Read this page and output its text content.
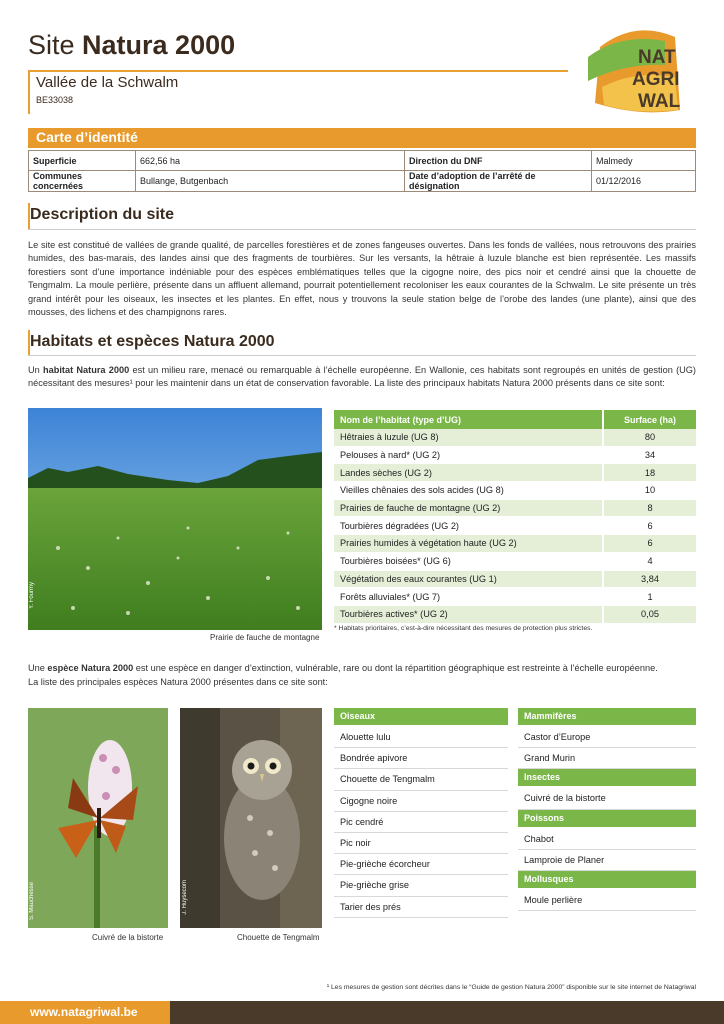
Site Natura 2000
Vallée de la Schwalm
BE33038
NAT
AGRI
WAL
Carte d’identité
Superficie	662,56 ha	Direction du DNF	Malmedy
Communes concernées	Bullange, Butgenbach	Date d’adoption de l’arrêté de désignation	01/12/2016
Description du site
Le site est constitué de vallées de grande qualité, de parcelles forestières et de zones fangeuses ouvertes. Dans les fonds de vallées, nous retrouvons des prairies humides, des bas-marais, des landes ainsi que des fragments de tourbières. Sur les versants, la hêtraie à luzule blanche est bien représentée. Les massifs forestiers sont d’une importance indéniable pour des espèces emblématiques telles que la cigogne noire, des pics noir et cendré ainsi que la chouette de Tengmalm. La moule perlière, présente dans un affluent allemand, pourrait potentiellement recoloniser les eaux courantes de la Schwalm. Le site présente un très grand intérêt pour les oiseaux, les insectes et les plantes. En effet, nous y trouvons la seule station belge de l’orobe des landes (une plante), ainsi que des mousses, des lichens et des champignons rares.
Habitats et espèces Natura 2000
Un habitat Natura 2000 est un milieu rare, menacé ou remarquable à l’échelle européenne. En Wallonie, ces habitats sont regroupés en unités de gestion (UG) nécessitant des mesures¹ pour les maintenir dans un état de conservation favorable. La liste des principaux habitats Natura 2000 présents dans ce site sont:
Y. Fourmy
Prairie de fauche de montagne
Nom de l’habitat (type d’UG)	Surface (ha)
Hêtraies à luzule (UG 8)	80
Pelouses à nard* (UG 2)	34
Landes sèches (UG 2)	18
Vieilles chênaies des sols acides (UG 8)	10
Prairies de fauche de montagne (UG 2)	8
Tourbières dégradées (UG 2)	6
Prairies humides à végétation haute (UG 2)	6
Tourbières boisées* (UG 6)	4
Végétation des eaux courantes (UG 1)	3,84
Forêts alluviales* (UG 7)	1
Tourbières actives* (UG 2)	0,05
* Habitats prioritaires, c’est-à-dire nécessitant des mesures de protection plus strictes.
Une espèce Natura 2000 est une espèce en danger d’extinction, vulnérable, rare ou dont la répartition géographique est restreinte à l’échelle européenne.
La liste des principales espèces Natura 2000 présentes dans ce site sont:
S. Mauchesse
Cuivré de la bistorte
J. Huysecom
Chouette de Tengmalm
Oiseaux
Alouette lulu
Bondrée apivore
Chouette de Tengmalm
Cigogne noire
Pic cendré
Pic noir
Pie-grièche écorcheur
Pie-grièche grise
Tarier des prés
Mammifères
Castor d’Europe
Grand Murin
Insectes
Cuivré de la bistorte
Poissons
Chabot
Lamproie de Planer
Mollusques
Moule perlière
¹ Les mesures de gestion sont décrites dans le “Guide de gestion Natura 2000” disponible sur le site internet de Natagriwal
www.natagriwal.be
